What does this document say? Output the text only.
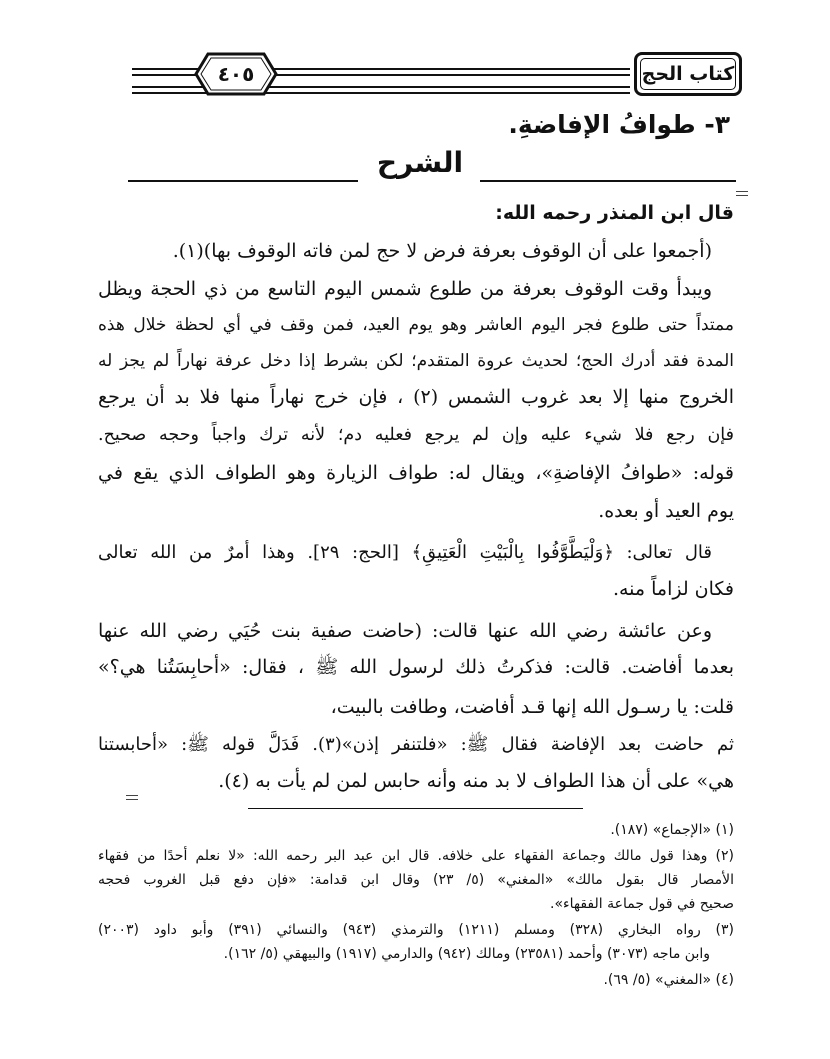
كتاب الحج
٤٠٥
٣- طوافُ الإفاضةِ.
الشرح
قال ابن المنذر رحمه الله:
(أجمعوا على أن الوقوف بعرفة فرض لا حج لمن فاته الوقوف بها)(١).
ويبدأ وقت الوقوف بعرفة من طلوع شمس اليوم التاسع من ذي الحجة ويظل
ممتداً حتى طلوع فجر اليوم العاشر وهو يوم العيد، فمن وقف في أي لحظة خلال هذه
المدة فقد أدرك الحج؛ لحديث عروة المتقدم؛ لكن بشرط إذا دخل عرفة نهاراً لم يجز له
الخروج منها إلا بعد غروب الشمس (٢) ، فإن خرج نهاراً منها فلا بد أن يرجع
فإن رجع فلا شيء عليه وإن لم يرجع فعليه دم؛ لأنه ترك واجباً وحجه صحيح.
قوله: «طوافُ الإفاضةِ»، ويقال له: طواف الزيارة وهو الطواف الذي يقع في
يوم العيد أو بعده.
قال تعالى: ﴿وَلْيَطَّوَّفُوا بِالْبَيْتِ الْعَتِيقِ﴾ [الحج: ٢٩]. وهذا أمرٌ من الله تعالى
فكان لزاماً منه.
وعن عائشة رضي الله عنها قالت: (حاضت صفية بنت حُيَي رضي الله عنها
بعدما أفاضت. قالت: فذكرتُ ذلك لرسول الله ﷺ ، فقال: «أحابِسَتُنا هي؟»
قلت: يا رسـول الله إنها قـد أفاضت، وطافت بالبيت،
ثم حاضت بعد الإفاضة فقال ﷺ: «فلتنفر إذن»(٣). فَدَلَّ قوله ﷺ: «أحابستنا
هي» على أن هذا الطواف لا بد منه وأنه حابس لمن لم يأت به (٤).
(١) «الإجماع» (١٨٧).
(٢) وهذا قول مالك وجماعة الفقهاء على خلافه. قال ابن عبد البر رحمه الله: «لا نعلم أحدًا من فقهاء
الأمصار قال بقول مالك» «المغني» (٥/ ٢٣) وقال ابن قدامة: «فإن دفع قبل الغروب فحجه
صحيح في قول جماعة الفقهاء».
(٣) رواه البخاري (٣٢٨) ومسلم (١٢١١) والترمذي (٩٤٣) والنسائي (٣٩١) وأبو داود (٢٠٠٣)
وابن ماجه (٣٠٧٣) وأحمد (٢٣٥٨١) ومالك (٩٤٢) والدارمي (١٩١٧) والبيهقي (٥/ ١٦٢).
(٤) «المغني» (٥/ ٦٩).
